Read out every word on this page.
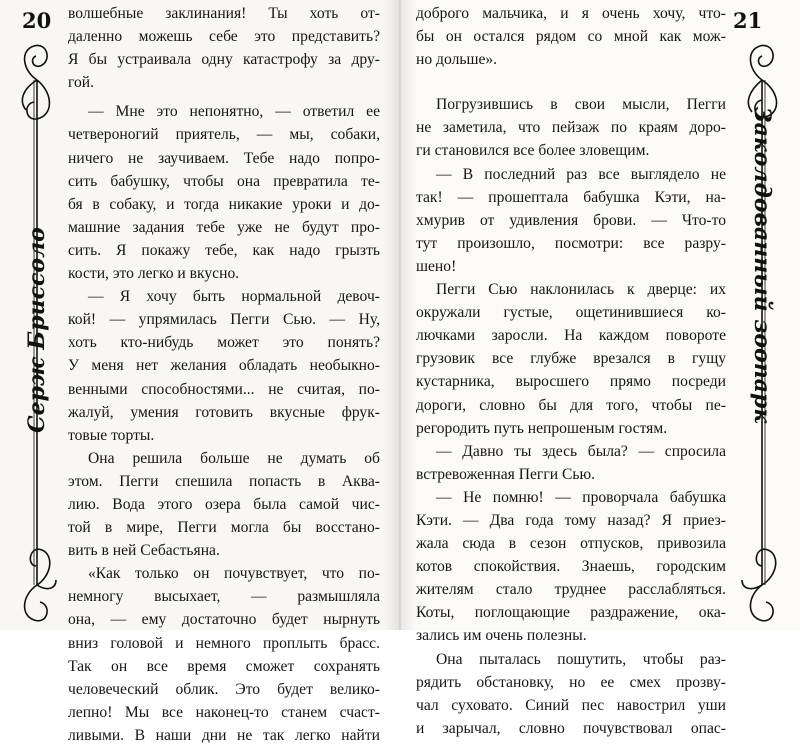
20
Серж Бриссоло
волшебные заклинания! Ты хоть от-
даленно можешь себе это представить?
Я бы устраивала одну катастрофу за дру-
гой.
— Мне это непонятно, — ответил ее
четвероногий приятель, — мы, собаки,
ничего не заучиваем. Тебе надо попро-
сить бабушку, чтобы она превратила те-
бя в собаку, и тогда никакие уроки и до-
машние задания тебе уже не будут про-
сить. Я покажу тебе, как надо грызть
кости, это легко и вкусно.
— Я хочу быть нормальной девоч-
кой! — упрямилась Пегги Сью. — Ну,
хоть кто-нибудь может это понять?
У меня нет желания обладать необыкно-
венными способностями... не считая, по-
жалуй, умения готовить вкусные фрук-
товые торты.
Она решила больше не думать об
этом. Пегги спешила попасть в Аква-
лию. Вода этого озера была самой чис-
той в мире, Пегги могла бы восстано-
вить в ней Себастьяна.
«Как только он почувствует, что по-
немногу высыхает, — размышляла
она, — ему достаточно будет нырнуть
вниз головой и немного проплыть брасс.
Так он все время сможет сохранять
человеческий облик. Это будет велико-
лепно! Мы все наконец-то станем счаст-
ливыми. В наши дни не так легко найти
21
Заколдованный зоопарк
доброго мальчика, и я очень хочу, что-
бы он остался рядом со мной как мож-
но дольше».
Погрузившись в свои мысли, Пегги
не заметила, что пейзаж по краям доро-
ги становился все более зловещим.
— В последний раз все выглядело не
так! — прошептала бабушка Кэти, на-
хмурив от удивления брови. — Что-то
тут произошло, посмотри: все разру-
шено!
Пегги Сью наклонилась к дверце: их
окружали густые, ощетинившиеся ко-
лючками заросли. На каждом повороте
грузовик все глубже врезался в гущу
кустарника, выросшего прямо посреди
дороги, словно бы для того, чтобы пе-
регородить путь непрошеным гостям.
— Давно ты здесь была? — спросила
встревоженная Пегги Сью.
— Не помню! — проворчала бабушка
Кэти. — Два года тому назад? Я приез-
жала сюда в сезон отпусков, привозила
котов спокойствия. Знаешь, городским
жителям стало труднее расслабляться.
Коты, поглощающие раздражение, ока-
зались им очень полезны.
Она пыталась пошутить, чтобы раз-
рядить обстановку, но ее смех прозву-
чал суховато. Синий пес навострил уши
и зарычал, словно почувствовал опас-
